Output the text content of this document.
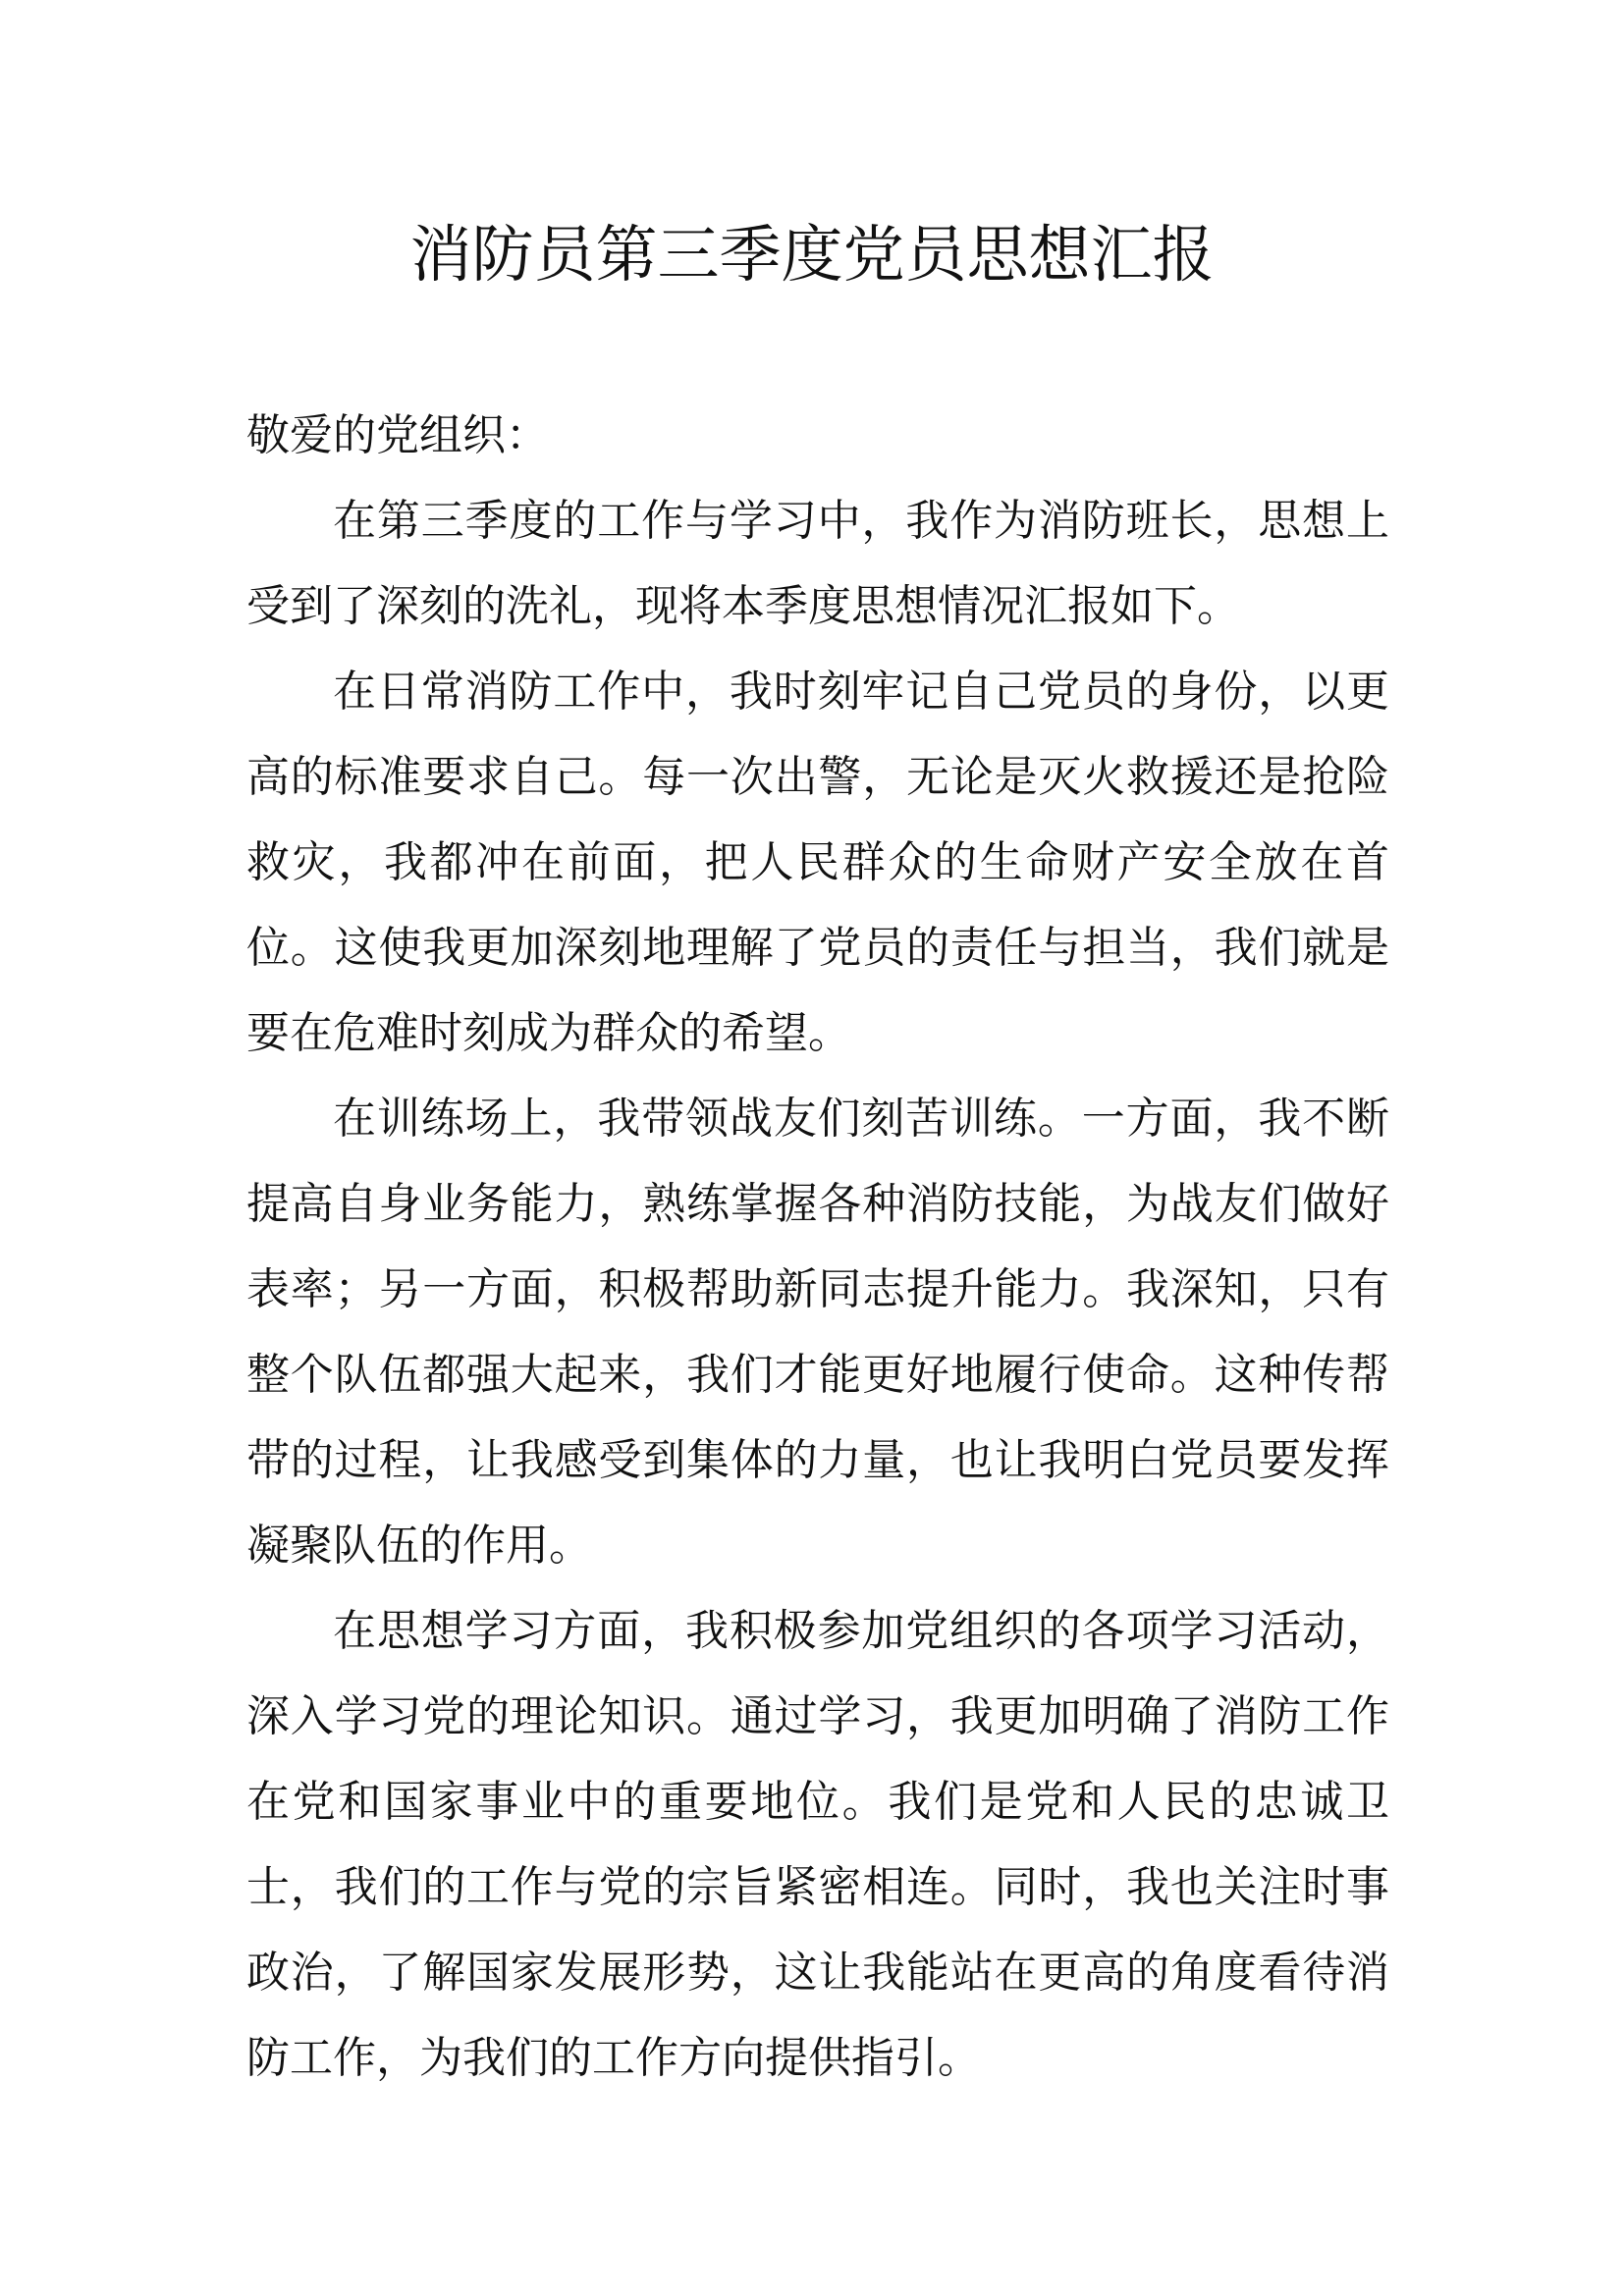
消防员第三季度党员思想汇报

敬爱的党组织：

在第三季度的工作与学习中，我作为消防班长，思想上受到了深刻的洗礼，现将本季度思想情况汇报如下。

在日常消防工作中，我时刻牢记自己党员的身份，以更高的标准要求自己。每一次出警，无论是灭火救援还是抢险救灾，我都冲在前面，把人民群众的生命财产安全放在首位。这使我更加深刻地理解了党员的责任与担当，我们就是要在危难时刻成为群众的希望。

在训练场上，我带领战友们刻苦训练。一方面，我不断提高自身业务能力，熟练掌握各种消防技能，为战友们做好表率；另一方面，积极帮助新同志提升能力。我深知，只有整个队伍都强大起来，我们才能更好地履行使命。这种传帮带的过程，让我感受到集体的力量，也让我明白党员要发挥凝聚队伍的作用。

在思想学习方面，我积极参加党组织的各项学习活动，深入学习党的理论知识。通过学习，我更加明确了消防工作在党和国家事业中的重要地位。我们是党和人民的忠诚卫士，我们的工作与党的宗旨紧密相连。同时，我也关注时事政治，了解国家发展形势，这让我能站在更高的角度看待消防工作，为我们的工作方向提供指引。
